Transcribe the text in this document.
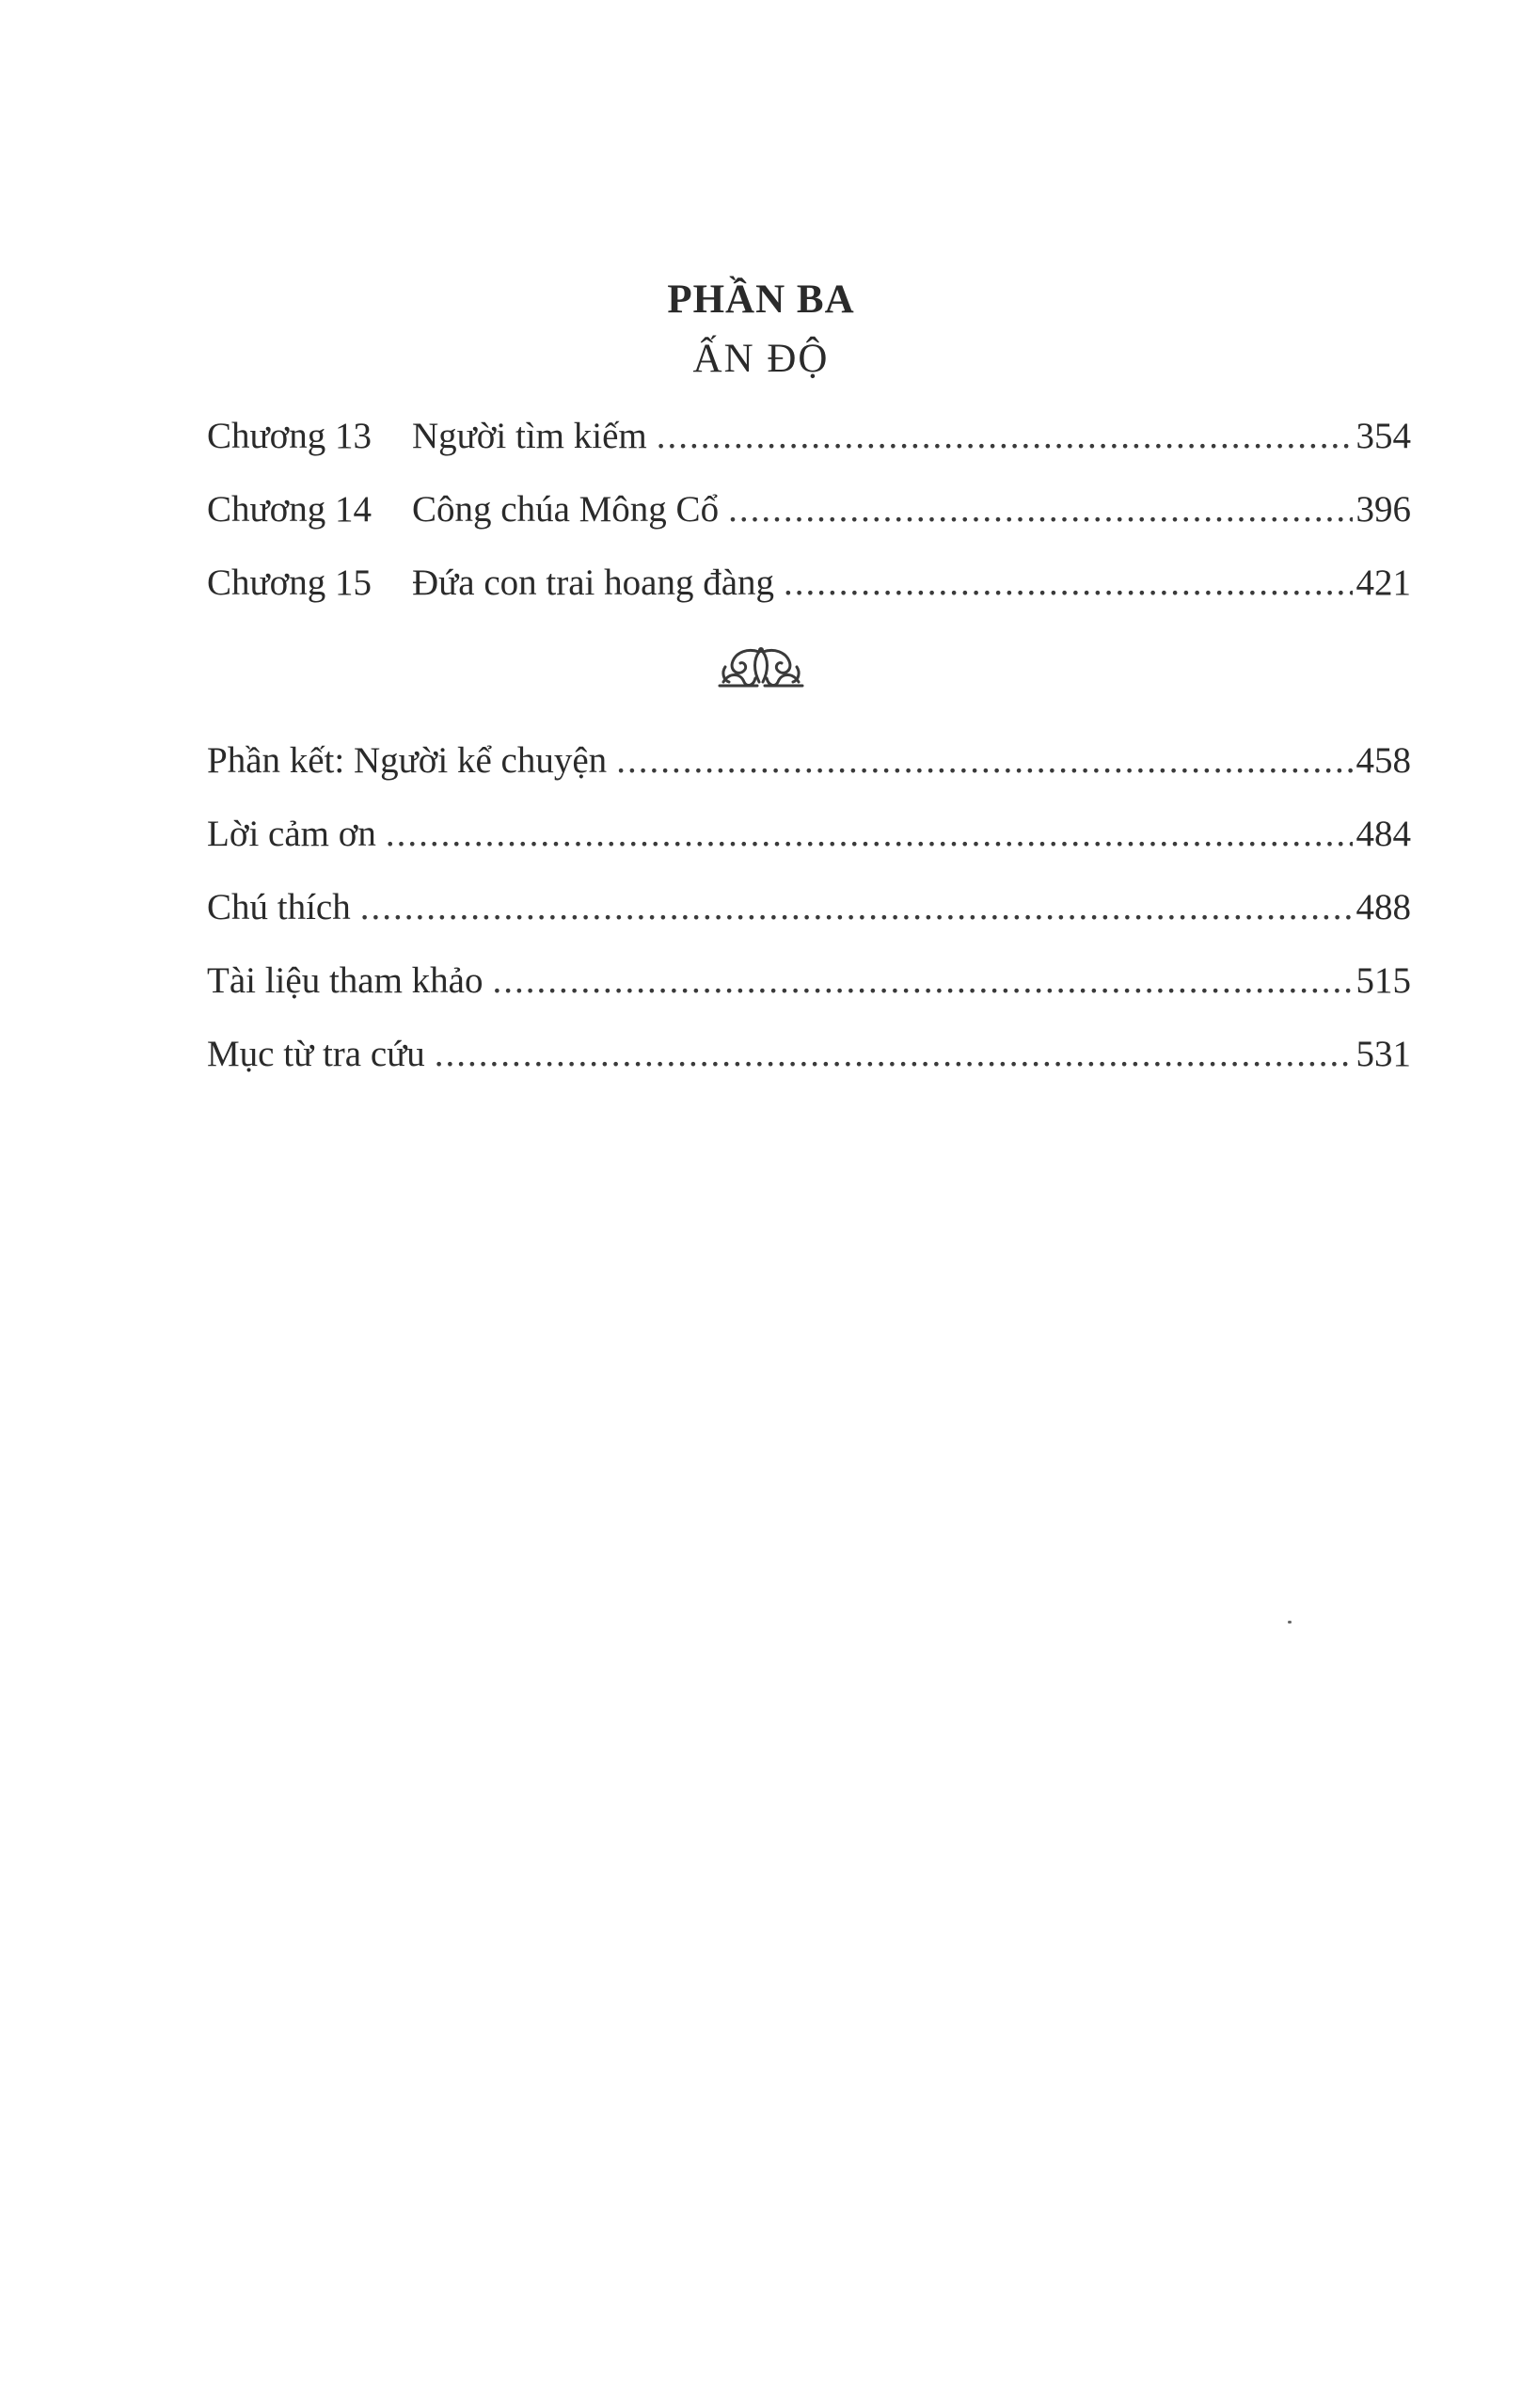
PHẦN BA
ẤN ĐỘ
Chương 13	Người tìm kiếm .....	354
Chương 14	Công chúa Mông Cổ .....	396
Chương 15	Đứa con trai hoang đàng .....	421
Phần kết: Người kể chuyện .....	458
Lời cảm ơn .....	484
Chú thích .....	488
Tài liệu tham khảo .....	515
Mục từ tra cứu .....	531
